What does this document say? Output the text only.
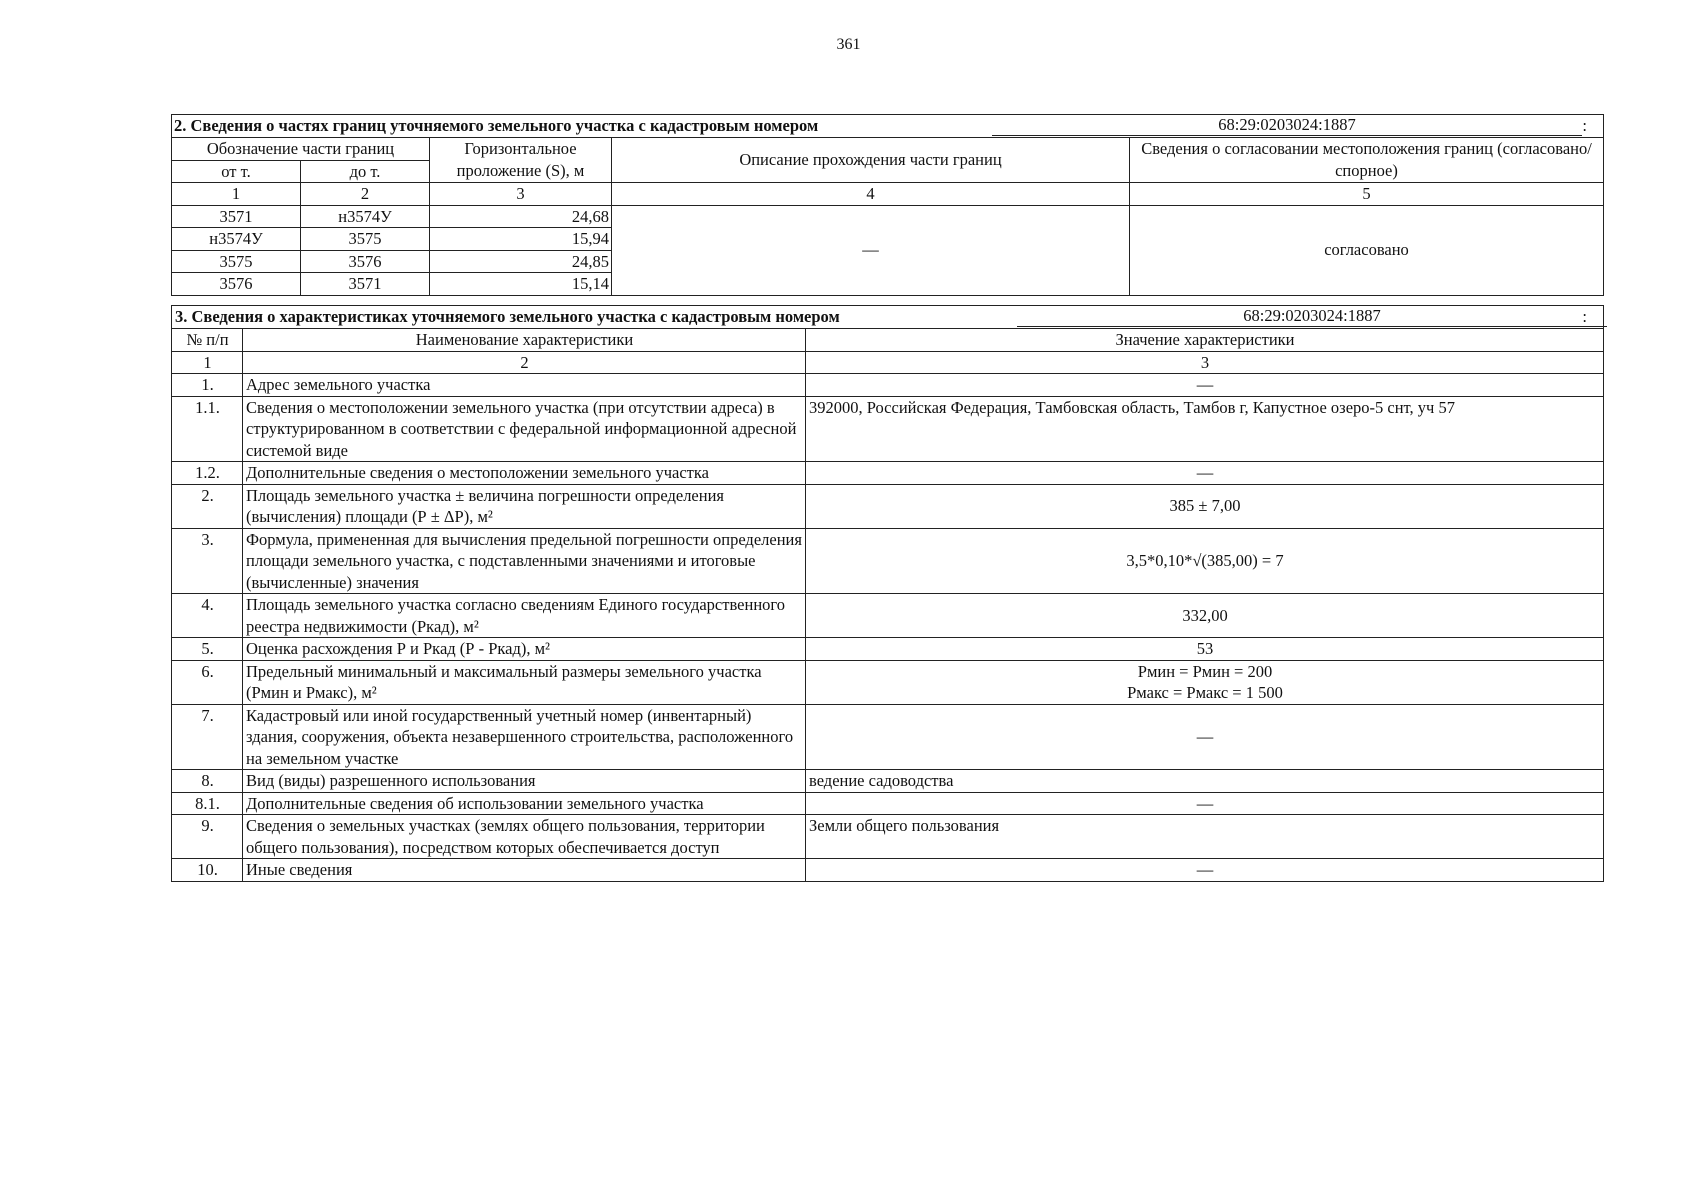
361
2. Сведения о частях границ уточняемого земельного участка с кадастровым номером 68:29:0203024:1887 :				

Обозначение части границ		Горизонтальное проложение (S), м	Описание прохождения части границ	Сведения о согласовании местоположения границ (согласовано/спорное)
от т.	до т.			
1	2	3	4	5
3571	н3574У	24,68	—	согласовано
н3574У	3575	15,94		
3575	3576	24,85		
3576	3571	15,14		
3. Сведения о характеристиках уточняемого земельного участка с кадастровым номером 68:29:0203024:1887 :		

№ п/п	Наименование характеристики	Значение характеристики
1	2	3
1.	Адрес земельного участка	—
1.1.	Сведения о местоположении земельного участка (при отсутствии адреса) в структурированном в соответствии с федеральной информационной адресной системой виде	392000, Российская Федерация, Тамбовская область, Тамбов г, Капустное озеро-5 снт, уч 57
1.2.	Дополнительные сведения о местоположении земельного участка	—
2.	Площадь земельного участка ± величина погрешности определения (вычисления) площади (Р ± ΔР), м²	385 ± 7,00
3.	Формула, примененная для вычисления предельной погрешности определения площади земельного участка, с подставленными значениями и итоговые (вычисленные) значения	3,5*0,10*√(385,00) = 7
4.	Площадь земельного участка согласно сведениям Единого государственного реестра недвижимости (Ркад), м²	332,00
5.	Оценка расхождения Р и Ркад (Р - Ркад), м²	53
6.	Предельный минимальный и максимальный размеры земельного участка (Рмин и Рмакс), м²	Рмин = Рмин = 200
Рмакс = Рмакс = 1 500

7.	Кадастровый или иной государственный учетный номер (инвентарный) здания, сооружения, объекта незавершенного строительства, расположенного на земельном участке	—
8.	Вид (виды) разрешенного использования	ведение садоводства
8.1.	Дополнительные сведения об использовании земельного участка	—
9.	Сведения о земельных участках (землях общего пользования, территории общего пользования), посредством которых обеспечивается доступ	Земли общего пользования
10.	Иные сведения	—
